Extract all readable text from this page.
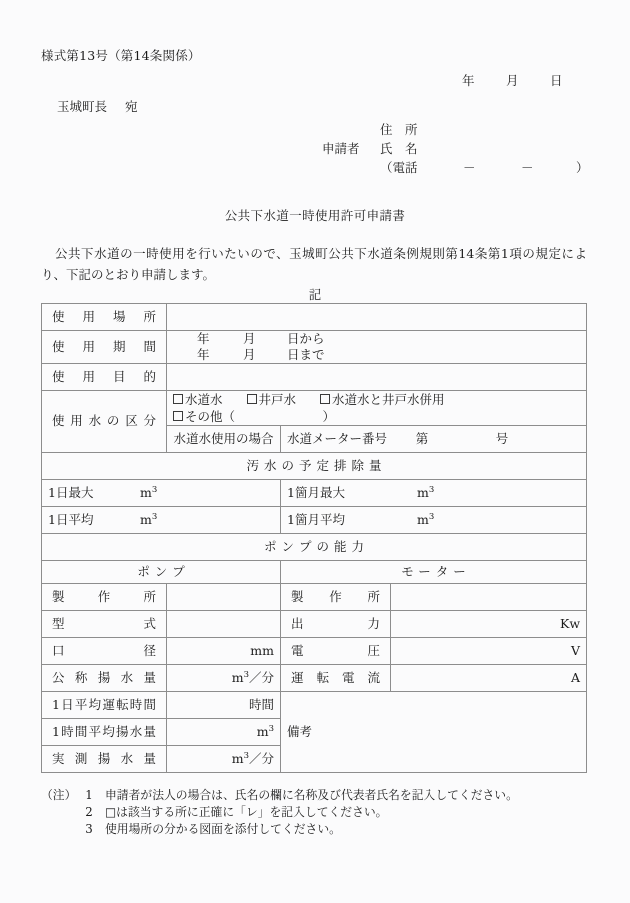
様式第13号（第14条関係）
年	月	日
玉城町長 宛
住　所
申請者	氏　名
（電話	－	－	）
公共下水道一時使用許可申請書
公共下水道の一時使用を行いたいので、玉城町公共下水道条例規則第14条第1項の規定により、下記のとおり申請します。
記
使用場所			

使用期間	年 月 日から
年 月 日まで		

使用目的			

使用水の区分	水道水 井戸水 水道水と井戸水併用
その他（ ）		

	水道水使用の場合	水道メーター番号 第 号	
汚水の予定排除量			
1日最大 $m^3$		1箇月最大 $m^3$
1日平均 $m^3$		1箇月平均 $m^3$
ポンプの能力			
ポンプ		モーター	

製作所		製作所	

型式		出力	Kw

口径	mm	電圧	V

公称揚水量	$m^3/$分	運転電流	A

1日平均運転時間	時間	備考	

1時間平均揚水量	$m^3$

実測揚水量	$m^3/$分		
（注） 1 申請者が法人の場合は、氏名の欄に名称及び代表者氏名を記入してください。
2 □は該当する所に正確に「レ」を記入してください。
3 使用場所の分かる図面を添付してください。
